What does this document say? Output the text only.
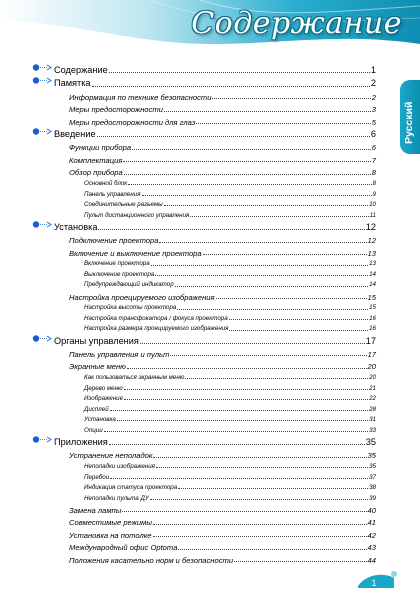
Содержание
Русский
Содержание	1
Памятка	2
Информация по технике безопасности	2
Меры предосторожности	3
Меры предосторожности для глаз	5
Введение	6
Функции прибора	6
Комплектация	7
Обзор прибора	8
Основной блок	8
Панель управления	9
Соединительные разъемы	10
Пульт дистанционного управления	11
Установка	12
Подключение проектора	12
Включение и выключение проектора	13
Включение проектора	13
Выключение проектора	14
Предупреждающий индикатор	14
Настройка проецируемого изображения	15
Настройка высоты проектора	15
Настройка трансфокатора / фокуса проектора	16
Настройка размера проецируемого изображения	16
Органы управления	17
Панель управления и пульт	17
Экранные меню	20
Как пользоваться экранным меню	20
Дерево меню	21
Изображение	22
Дисплей	28
Установка	31
Опции	33
Приложения	35
Устранение неполадок	35
Неполадки изображения	35
Перебои	37
Индикация статуса проектора	38
Неполадки пульта ДУ	39
Замена лампы	40
Совместимые режимы	41
Установка на потолке	42
Международный офис Optoma	43
Положения касательно норм и безопасности	44
1
